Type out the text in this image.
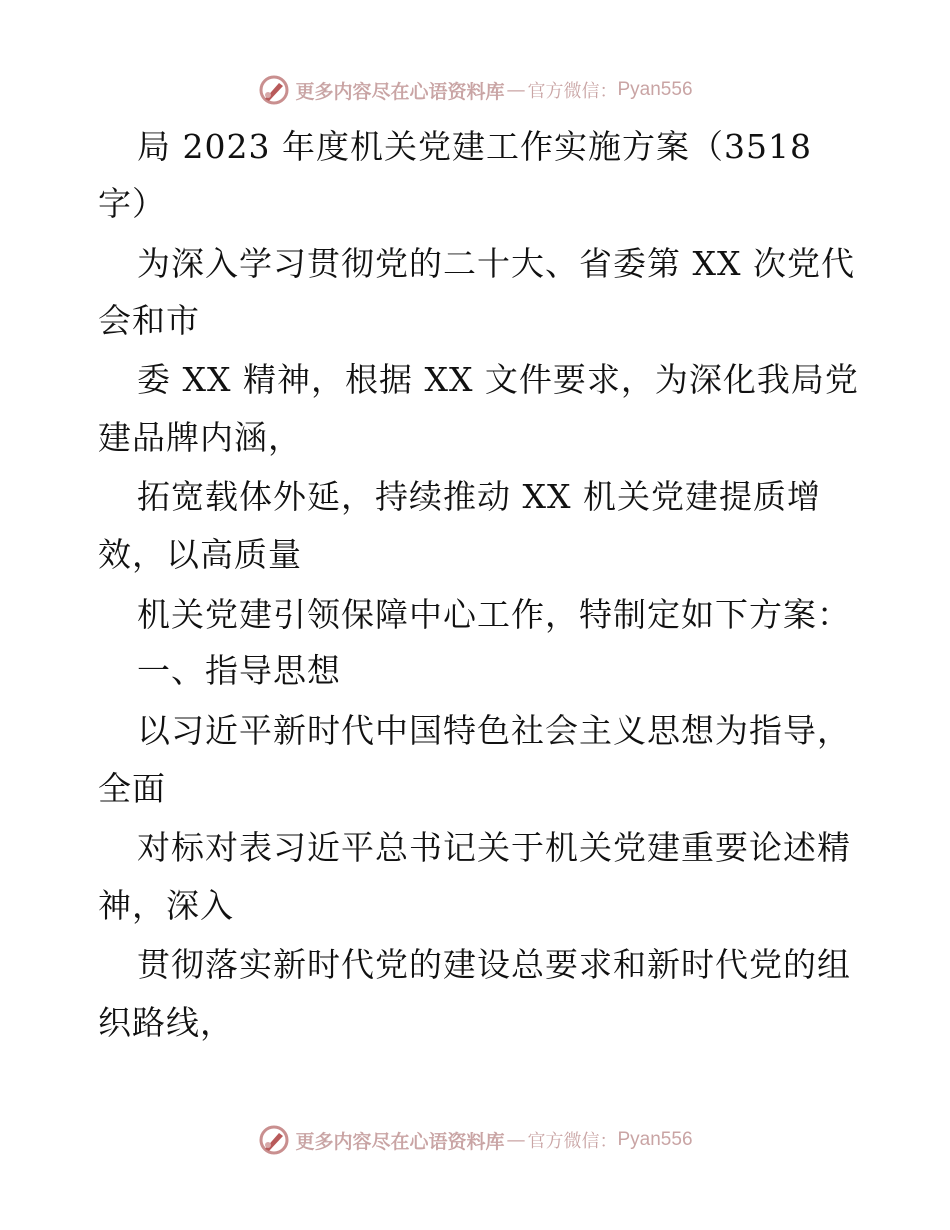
更多内容尽在心语资料库 — 官方微信： Pyan556
局 2023 年度机关党建工作实施方案（3518
字）
为深入学习贯彻党的二十大、省委第 XX 次党代
会和市
委 XX 精神，根据 XX 文件要求，为深化我局党
建品牌内涵，
拓宽载体外延，持续推动 XX 机关党建提质增
效，以高质量
机关党建引领保障中心工作，特制定如下方案：
一、指导思想
以习近平新时代中国特色社会主义思想为指导，
全面
对标对表习近平总书记关于机关党建重要论述精
神，深入
贯彻落实新时代党的建设总要求和新时代党的组
织路线，
更多内容尽在心语资料库 — 官方微信： Pyan556
